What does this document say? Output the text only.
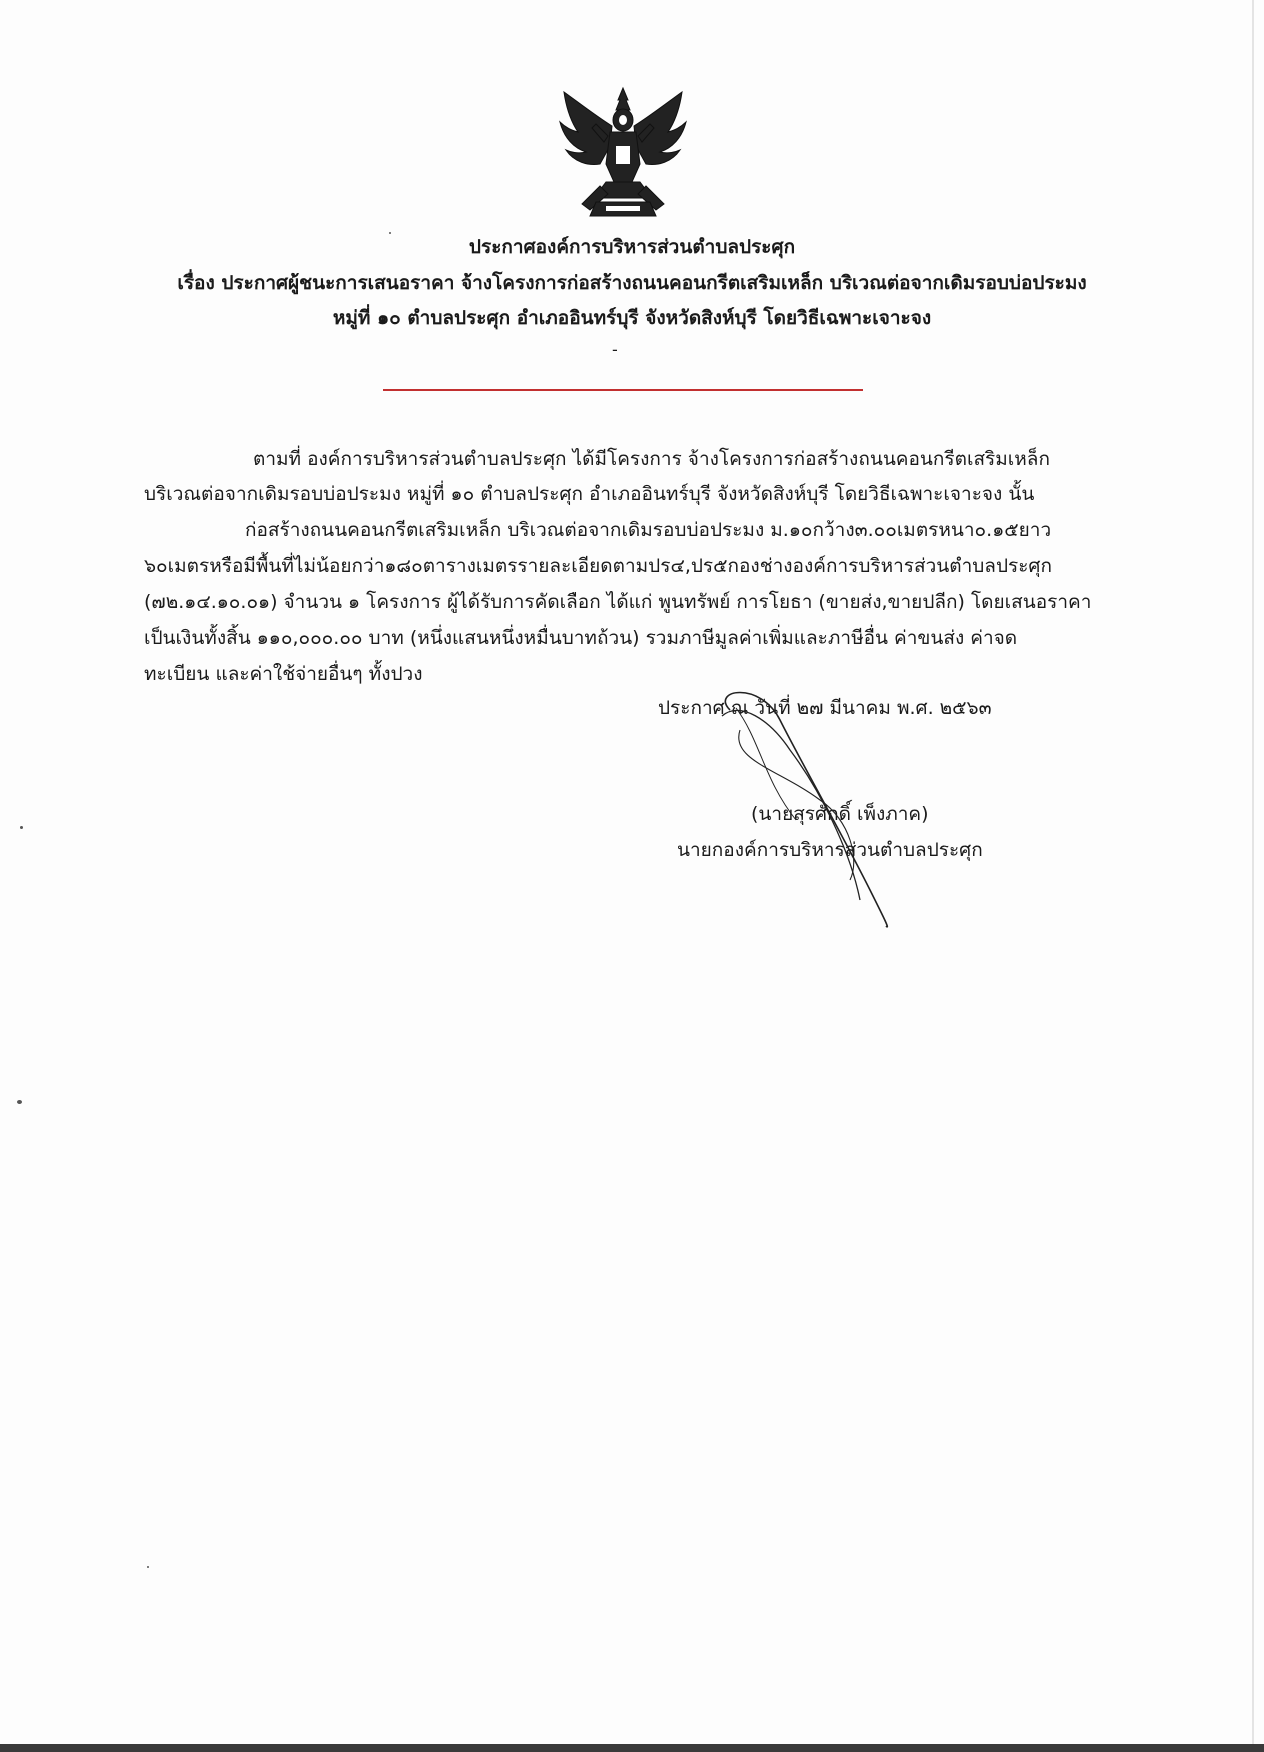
ประกาศองค์การบริหารส่วนตำบลประศุก
เรื่อง ประกาศผู้ชนะการเสนอราคา จ้างโครงการก่อสร้างถนนคอนกรีตเสริมเหล็ก บริเวณต่อจากเดิมรอบบ่อประมง
หมู่ที่ ๑๐ ตำบลประศุก อำเภออินทร์บุรี จังหวัดสิงห์บุรี โดยวิธีเฉพาะเจาะจง
-
ตามที่ องค์การบริหารส่วนตำบลประศุก ได้มีโครงการ จ้างโครงการก่อสร้างถนนคอนกรีตเสริมเหล็ก
บริเวณต่อจากเดิมรอบบ่อประมง หมู่ที่ ๑๐ ตำบลประศุก อำเภออินทร์บุรี จังหวัดสิงห์บุรี โดยวิธีเฉพาะเจาะจง นั้น
ก่อสร้างถนนคอนกรีตเสริมเหล็ก บริเวณต่อจากเดิมรอบบ่อประมง ม.๑๐กว้าง๓.๐๐เมตรหนา๐.๑๕ยาว
๖๐เมตรหรือมีพื้นที่ไม่น้อยกว่า๑๘๐ตารางเมตรรายละเอียดตามปร๔,ปร๕กองช่างองค์การบริหารส่วนตำบลประศุก
(๗๒.๑๔.๑๐.๐๑) จำนวน ๑ โครงการ ผู้ได้รับการคัดเลือก ได้แก่ พูนทรัพย์ การโยธา (ขายส่ง,ขายปลีก) โดยเสนอราคา
เป็นเงินทั้งสิ้น ๑๑๐,๐๐๐.๐๐ บาท (หนึ่งแสนหนึ่งหมื่นบาทถ้วน) รวมภาษีมูลค่าเพิ่มและภาษีอื่น ค่าขนส่ง ค่าจด
ทะเบียน และค่าใช้จ่ายอื่นๆ ทั้งปวง
ประกาศ ณ วันที่ ๒๗ มีนาคม พ.ศ. ๒๕๖๓
(นายสุรศักดิ์ เพ็งภาค)
นายกองค์การบริหารส่วนตำบลประศุก
